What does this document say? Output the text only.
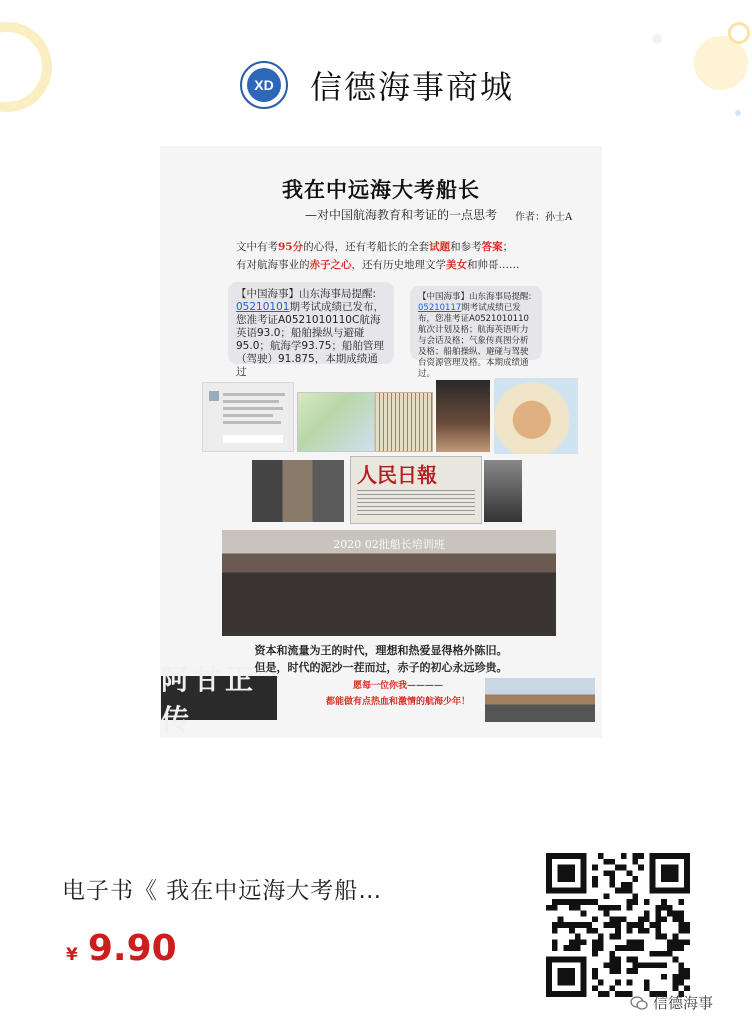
XD 信德海事商城
我在中远海大考船长
—对中国航海教育和考证的一点思考 作者：孙士A
文中有考95分的心得，还有考船长的全套试题和参考答案；
有对航海事业的赤子之心，还有历史地理文学美女和帅哥……
【中国海事】山东海事局提醒:
05210101期考试成绩已发布，您准考证A0521010110C航海英语93.0；船舶操纵与避碰95.0；航海学93.75；船舶管理（驾驶）91.875，本期成绩通过
【中国海事】山东海事局提醒:
05210117期考试成绩已发布，您准考证A0521010110 航次计划及格；航海英语听力与会话及格；气象传真图分析及格；船舶操纵、避碰与驾驶台资源管理及格。本期成绩通过。
人民日報
2020 02批船长培训班
资本和流量为王的时代，理想和热爱显得格外陈旧。
但是，时代的泥沙一茬而过，赤子的初心永远珍贵。
阿甘正传
愿每一位你我————
都能做有点热血和激情的航海少年！
电子书《 我在中远海大考船…
¥ 9.90
信德海事
